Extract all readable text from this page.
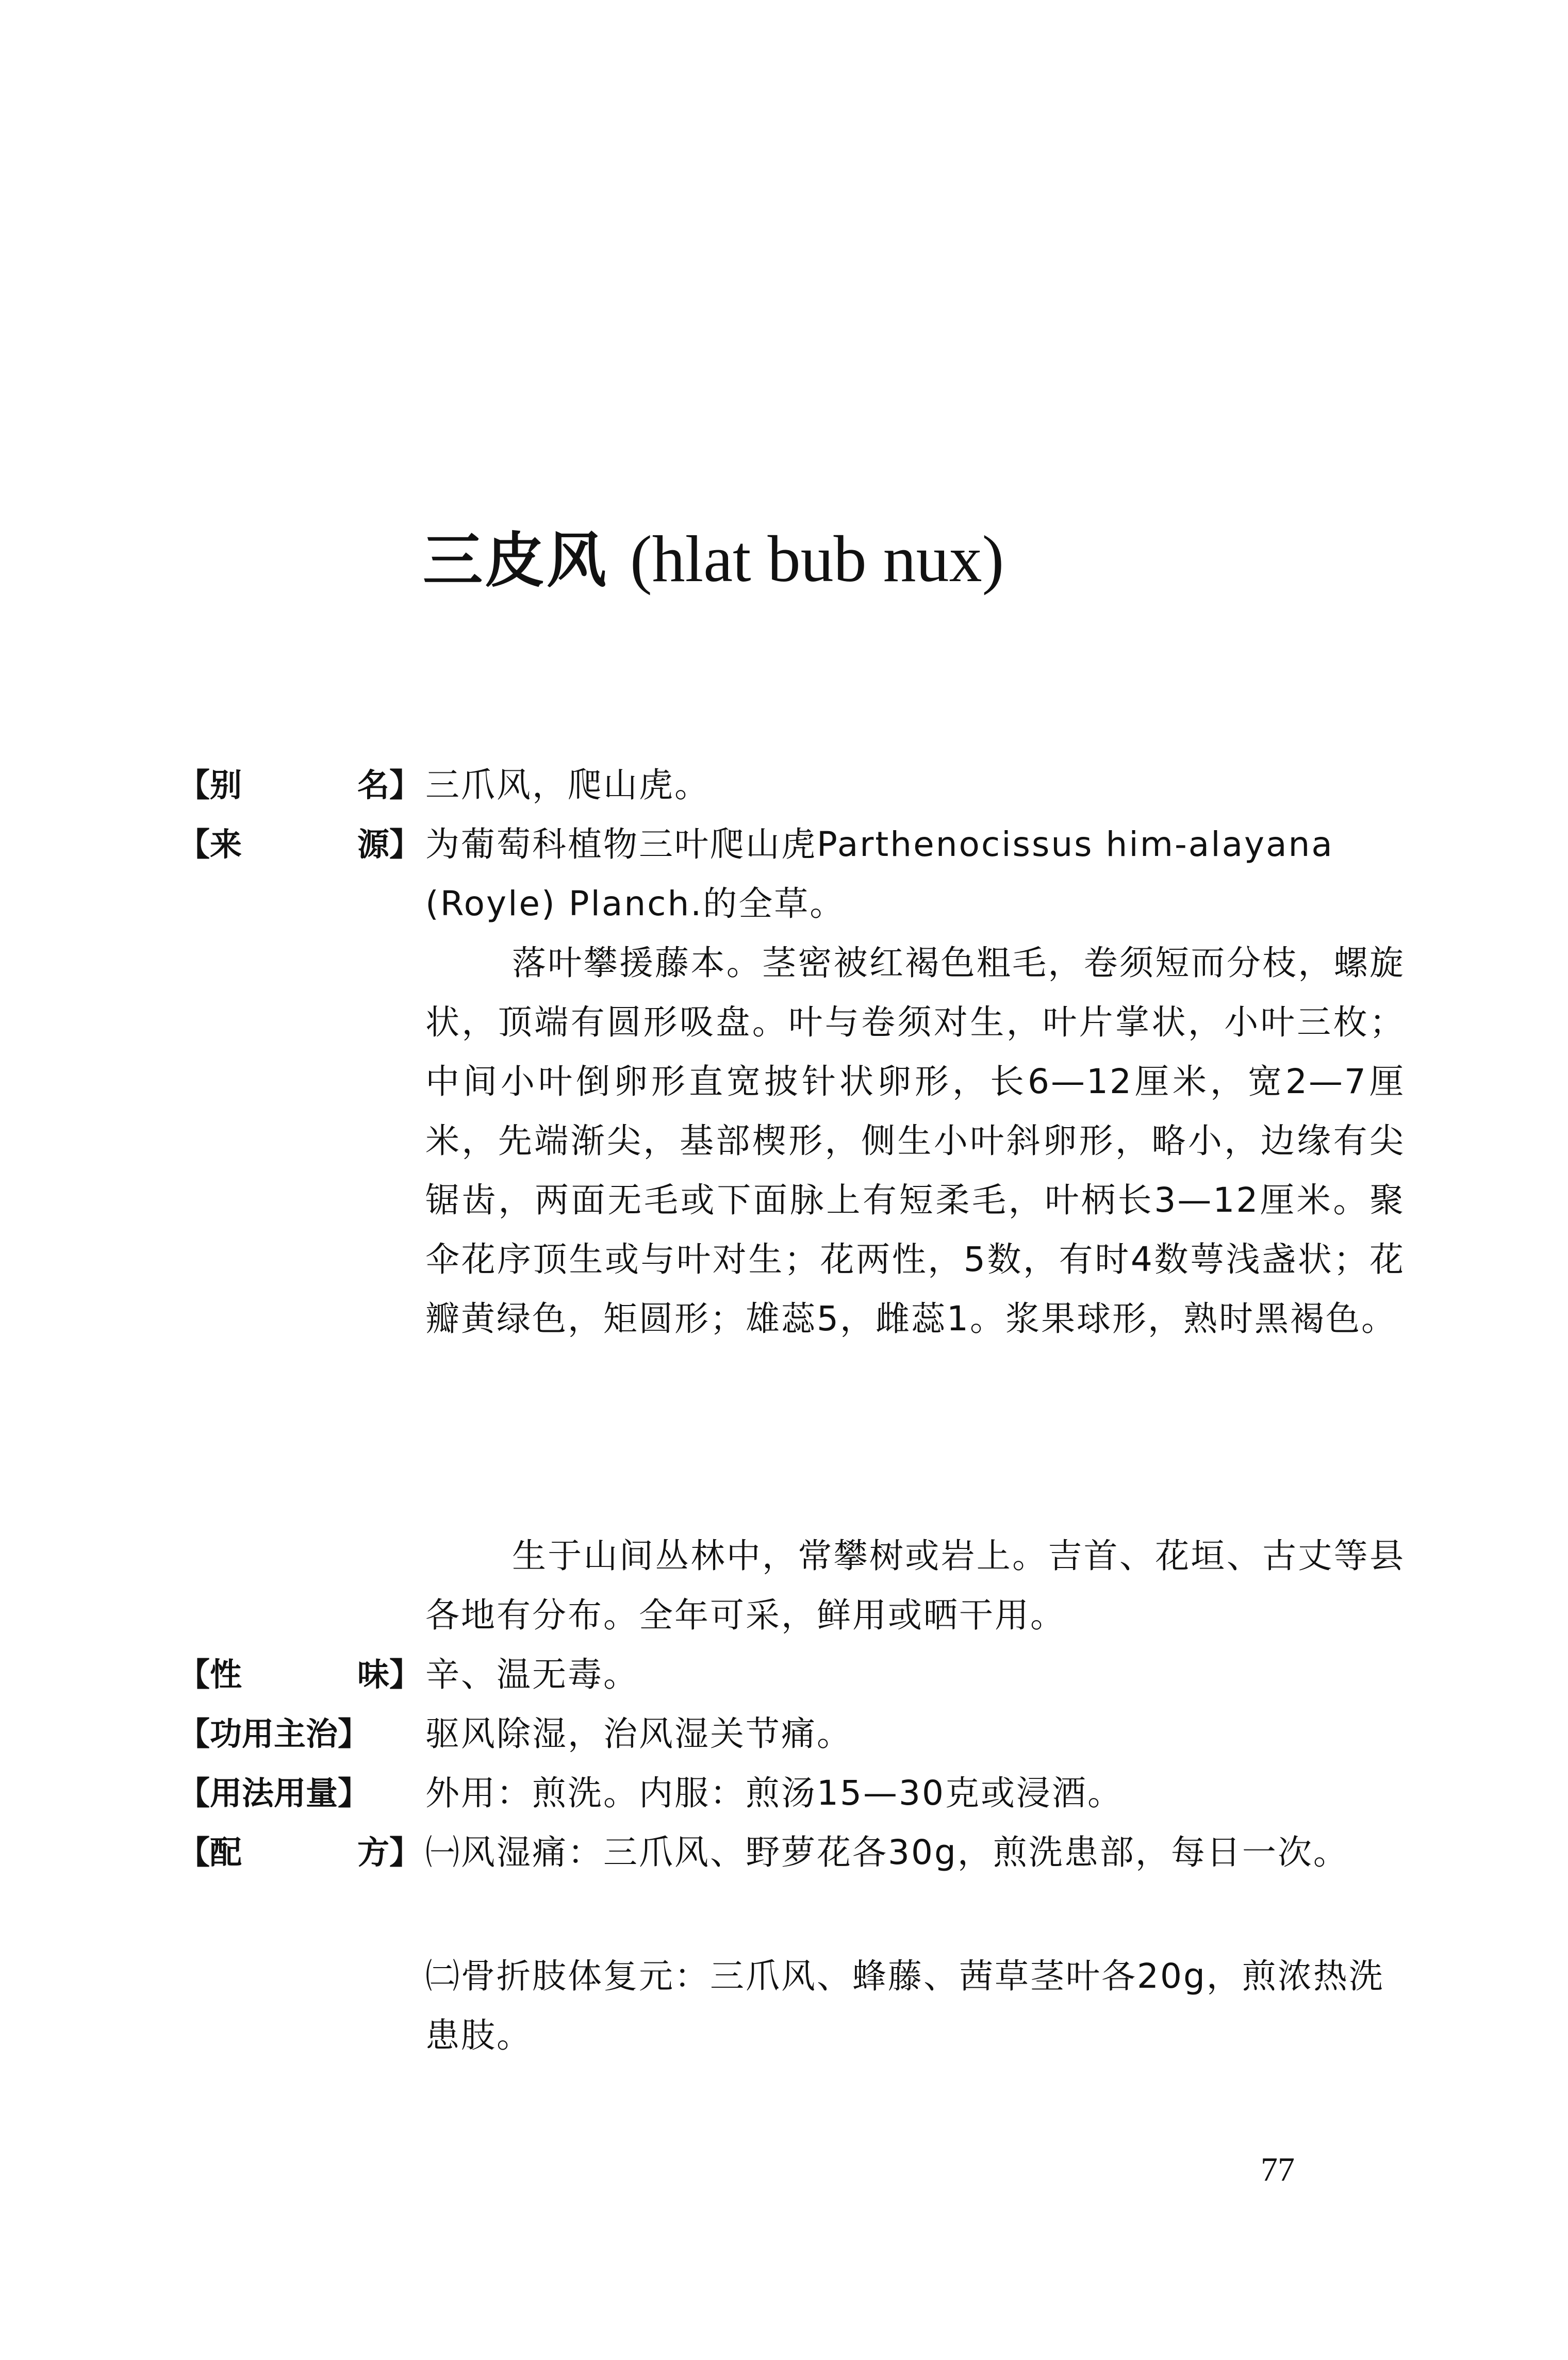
三皮风 (hlat bub nux)
【别	名】 三爪风，爬山虎。
【来	源】 为葡萄科植物三叶爬山虎Parthenocissus him-alayana (Royle) Planch.的全草。
落叶攀援藤本。茎密被红褐色粗毛，卷须短而分枝，螺旋状，顶端有圆形吸盘。叶与卷须对生，叶片掌状，小叶三枚；中间小叶倒卵形直宽披针状卵形，长6—12厘米，宽2—7厘米，先端渐尖，基部楔形，侧生小叶斜卵形，略小，边缘有尖锯齿，两面无毛或下面脉上有短柔毛，叶柄长3—12厘米。聚伞花序顶生或与叶对生；花两性，5数，有时4数萼浅盏状；花瓣黄绿色，矩圆形；雄蕊5，雌蕊1。浆果球形，熟时黑褐色。
生于山间丛林中，常攀树或岩上。吉首、花垣、古丈等县各地有分布。全年可采，鲜用或晒干用。
【性	味】 辛、温无毒。
【功用主治】 驱风除湿，治风湿关节痛。
【用法用量】 外用：煎洗。内服：煎汤15—30克或浸酒。
【配	方】 ㈠风湿痛：三爪风、野萝花各30g，煎洗患部，每日一次。
㈡骨折肢体复元：三爪风、蜂藤、茜草茎叶各20g，煎浓热洗患肢。
77
